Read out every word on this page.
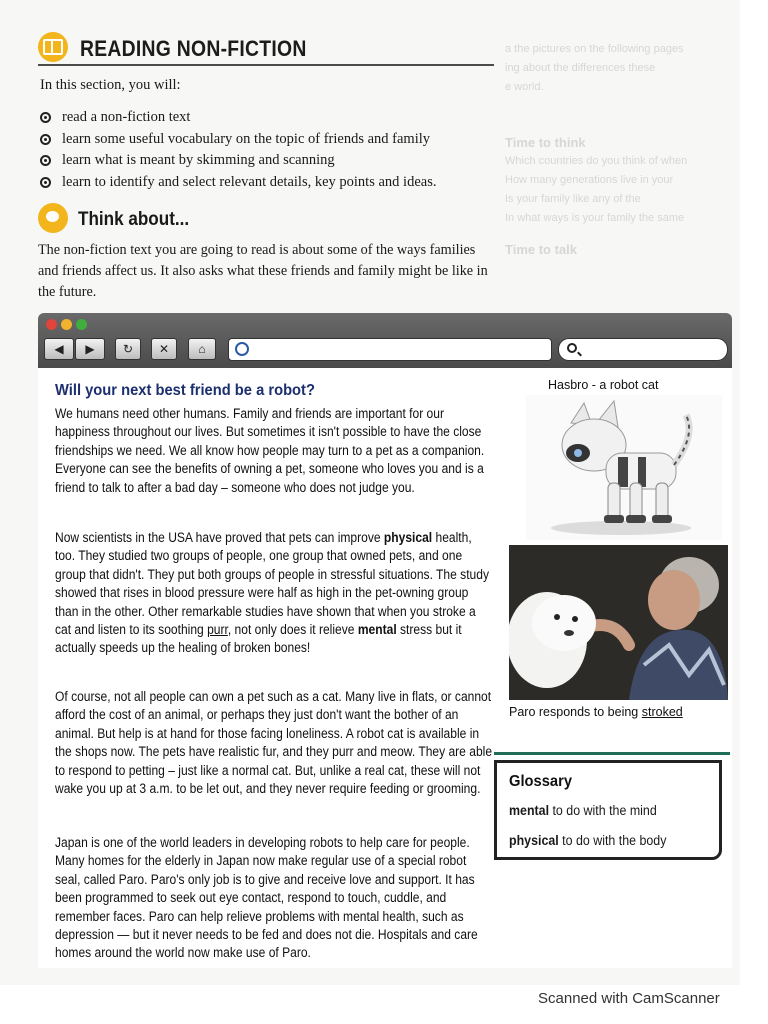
a the pictures on the following pages
ing about the differences these
e world.
Time to think
Which countries do you think of when
How many generations live in your
Is your family like any of the
In what ways is your family the same
Time to talk
READING NON-FICTION
In this section, you will:
read a non-fiction text
learn some useful vocabulary on the topic of friends and family
learn what is meant by skimming and scanning
learn to identify and select relevant details, key points and ideas.
Think about...
The non-fiction text you are going to read is about some of the ways families and friends affect us. It also asks what these friends and family might be like in the future.
◀	▶	↻	✕	⌂
Will your next best friend be a robot?
We humans need other humans. Family and friends are important for our happiness throughout our lives. But sometimes it isn't possible to have the close friendships we need. We all know how people may turn to a pet as a companion. Everyone can see the benefits of owning a pet, someone who loves you and is a friend to talk to after a bad day – someone who does not judge you.
Now scientists in the USA have proved that pets can improve physical health, too. They studied two groups of people, one group that owned pets, and one group that didn't. They put both groups of people in stressful situations. The study showed that rises in blood pressure were half as high in the pet-owning group than in the other. Other remarkable studies have shown that when you stroke a cat and listen to its soothing purr, not only does it relieve mental stress but it actually speeds up the healing of broken bones!
Of course, not all people can own a pet such as a cat. Many live in flats, or cannot afford the cost of an animal, or perhaps they just don't want the bother of an animal. But help is at hand for those facing loneliness. A robot cat is available in the shops now. The pets have realistic fur, and they purr and meow. They are able to respond to petting – just like a normal cat. But, unlike a real cat, these will not wake you up at 3 a.m. to be let out, and they never require feeding or grooming.
Japan is one of the world leaders in developing robots to help care for people. Many homes for the elderly in Japan now make regular use of a special robot seal, called Paro. Paro's only job is to give and receive love and support. It has been programmed to seek out eye contact, respond to touch, cuddle, and remember faces. Paro can help relieve problems with mental health, such as depression — but it never needs to be fed and does not die. Hospitals and care homes around the world now make use of Paro.
Hasbro - a robot cat
Paro responds to being stroked
Glossary
mental to do with the mind
physical to do with the body
Scanned with CamScanner
